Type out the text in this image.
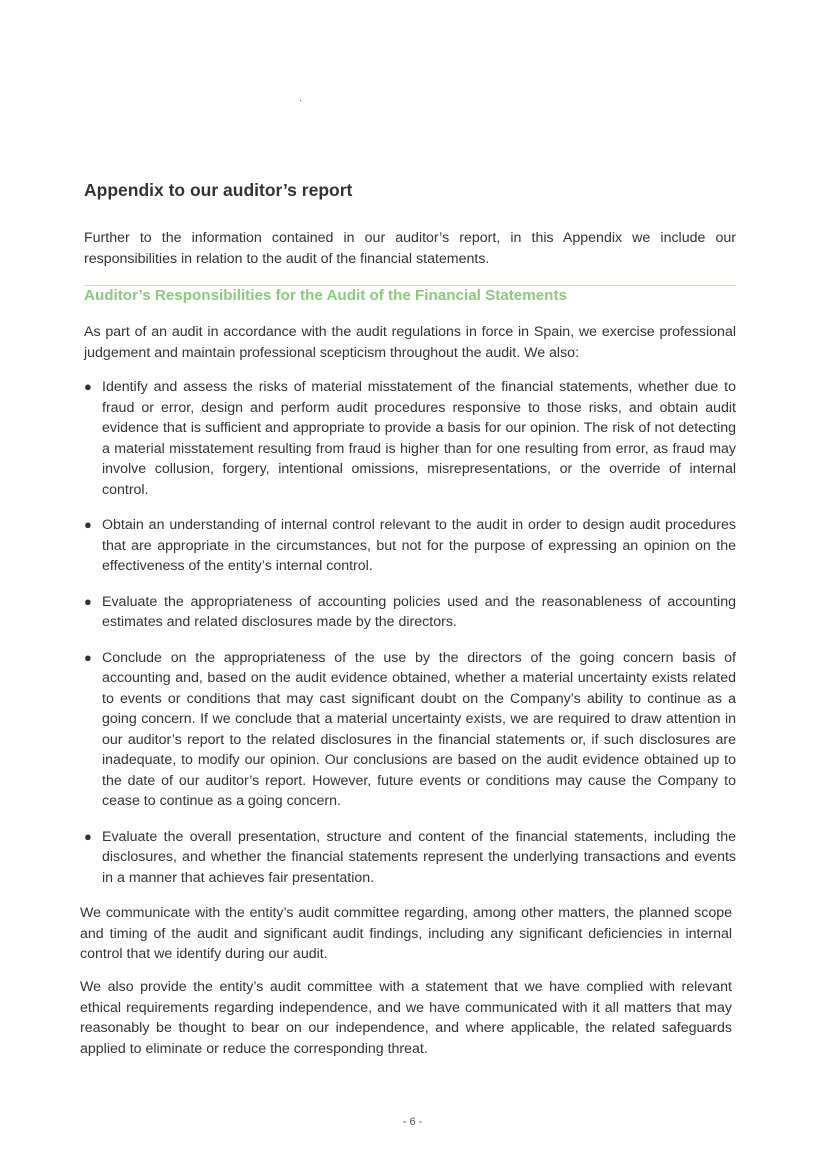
Appendix to our auditor’s report

Further to the information contained in our auditor’s report, in this Appendix we include our responsibilities in relation to the audit of the financial statements.

Auditor’s Responsibilities for the Audit of the Financial Statements

As part of an audit in accordance with the audit regulations in force in Spain, we exercise professional judgement and maintain professional scepticism throughout the audit. We also:

● Identify and assess the risks of material misstatement of the financial statements, whether due to fraud or error, design and perform audit procedures responsive to those risks, and obtain audit evidence that is sufficient and appropriate to provide a basis for our opinion. The risk of not detecting a material misstatement resulting from fraud is higher than for one resulting from error, as fraud may involve collusion, forgery, intentional omissions, misrepresentations, or the override of internal control.
● Obtain an understanding of internal control relevant to the audit in order to design audit procedures that are appropriate in the circumstances, but not for the purpose of expressing an opinion on the effectiveness of the entity’s internal control.
● Evaluate the appropriateness of accounting policies used and the reasonableness of accounting estimates and related disclosures made by the directors.
● Conclude on the appropriateness of the use by the directors of the going concern basis of accounting and, based on the audit evidence obtained, whether a material uncertainty exists related to events or conditions that may cast significant doubt on the Company’s ability to continue as a going concern. If we conclude that a material uncertainty exists, we are required to draw attention in our auditor’s report to the related disclosures in the financial statements or, if such disclosures are inadequate, to modify our opinion. Our conclusions are based on the audit evidence obtained up to the date of our auditor’s report. However, future events or conditions may cause the Company to cease to continue as a going concern.
● Evaluate the overall presentation, structure and content of the financial statements, including the disclosures, and whether the financial statements represent the underlying transactions and events in a manner that achieves fair presentation.

We communicate with the entity’s audit committee regarding, among other matters, the planned scope and timing of the audit and significant audit findings, including any significant deficiencies in internal control that we identify during our audit.

We also provide the entity’s audit committee with a statement that we have complied with relevant ethical requirements regarding independence, and we have communicated with it all matters that may reasonably be thought to bear on our independence, and where applicable, the related safeguards applied to eliminate or reduce the corresponding threat.

- 6 -
